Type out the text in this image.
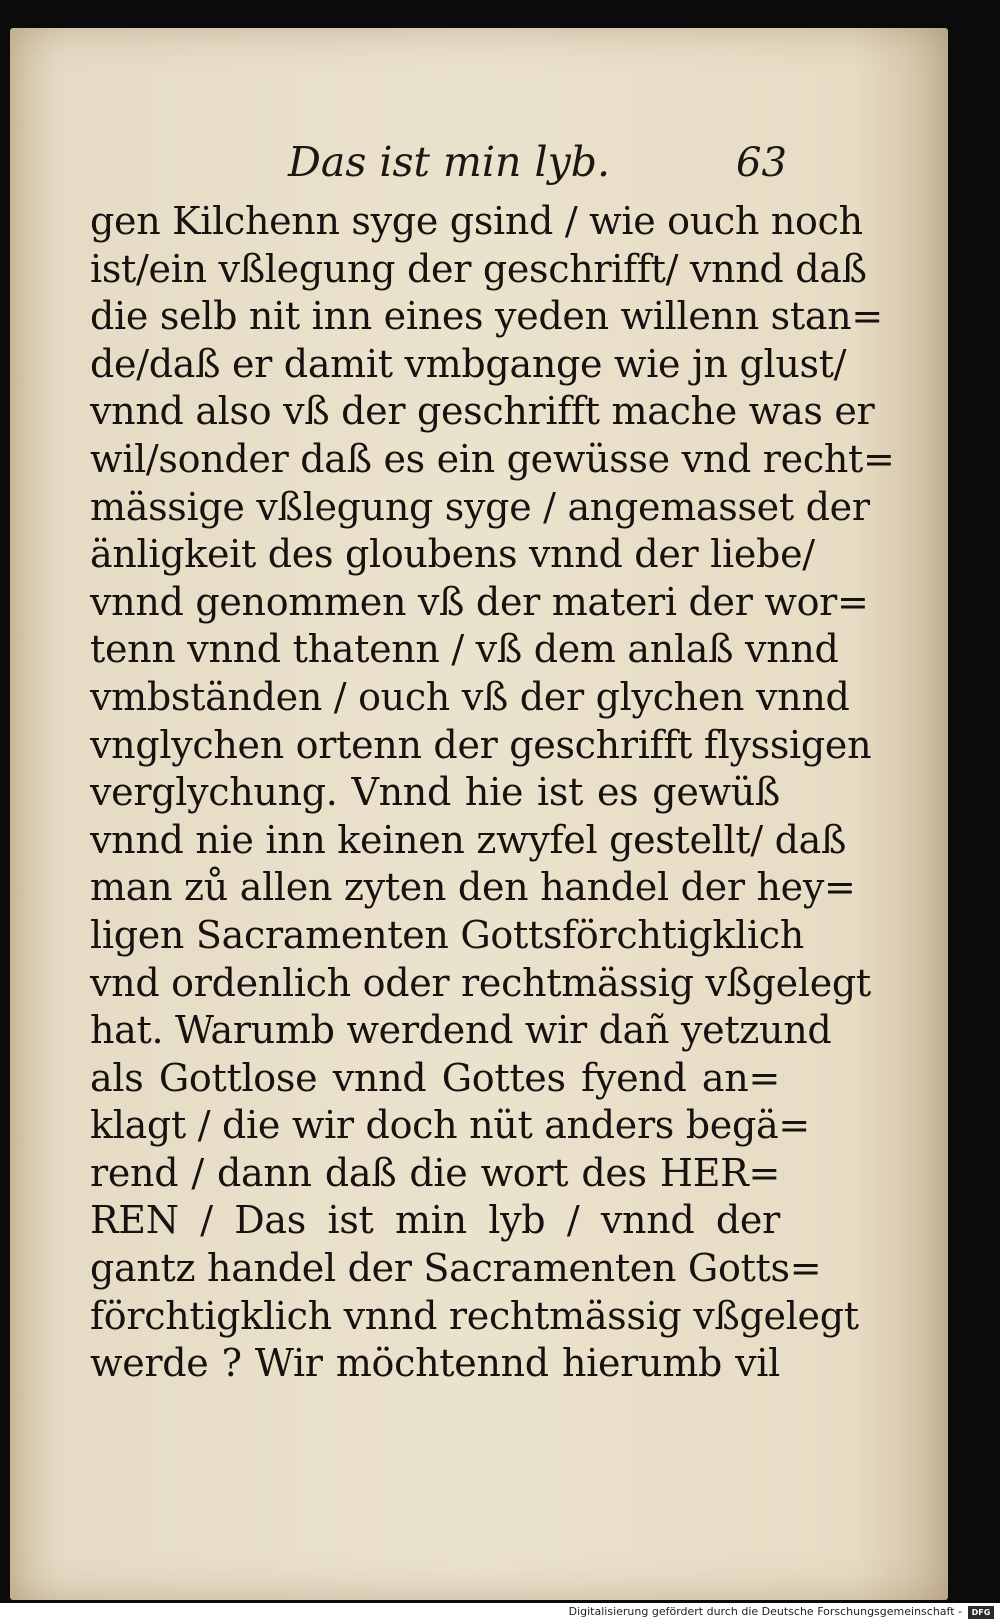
Das ist min lyb.	63
gen Kilchenn syge gsind / wie ouch noch
ist/ein vßlegung der geschrifft/ vnnd daß
die selb nit inn eines yeden willenn stan=
de/daß er damit vmbgange wie jn glust/
vnnd also vß der geschrifft mache was er
wil/sonder daß es ein gewüsse vnd recht=
mässige vßlegung syge / angemasset der
änligkeit des gloubens vnnd der liebe/
vnnd genommen vß der materi der wor=
tenn vnnd thatenn / vß dem anlaß vnnd
vmbständen / ouch vß der glychen vnnd
vnglychen ortenn der geschrifft flyssigen
verglychung. Vnnd hie ist es gewüß
vnnd nie inn keinen zwyfel gestellt/ daß
man zů allen zyten den handel der hey=
ligen Sacramenten Gottsförchtigklich
vnd ordenlich oder rechtmässig vßgelegt
hat. Warumb werdend wir dañ yetzund
als Gottlose vnnd Gottes fyend an=
klagt / die wir doch nüt anders begä=
rend / dann daß die wort des HER=
REN / Das ist min lyb / vnnd der
gantz handel der Sacramenten Gotts=
förchtigklich vnnd rechtmässig vßgelegt
werde ? Wir möchtennd hierumb vil
Digitalisierung gefördert durch die Deutsche Forschungsgemeinschaft -	DFG
